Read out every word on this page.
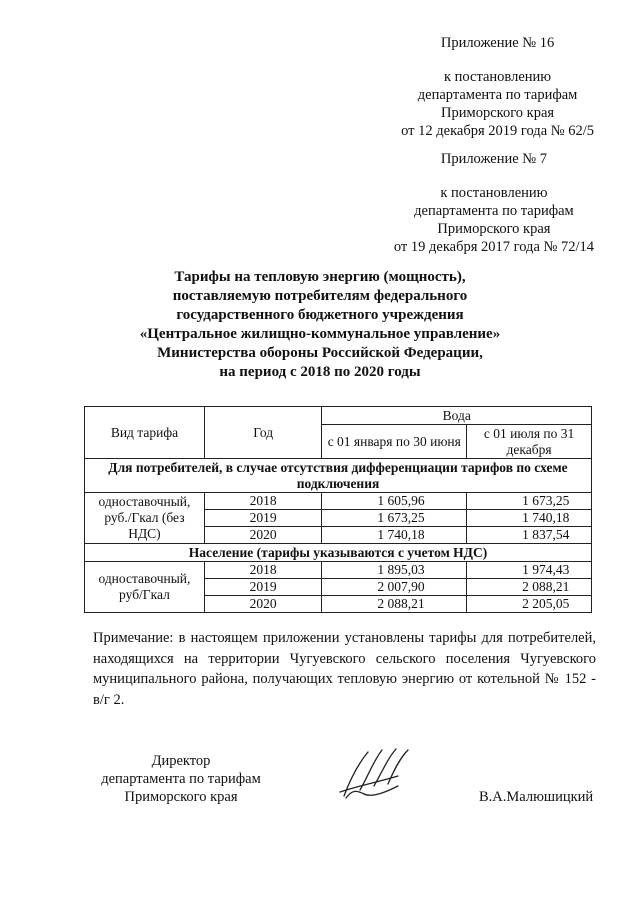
Приложение № 16
к постановлению
департамента по тарифам
Приморского края
от 12 декабря 2019 года № 62/5
Приложение № 7
к постановлению
департамента по тарифам
Приморского края
от 19 декабря 2017 года № 72/14
Тарифы на тепловую энергию (мощность),
поставляемую потребителям федерального
государственного бюджетного учреждения
«Центральное жилищно-коммунальное управление»
Министерства обороны Российской Федерации,
на период с 2018 по 2020 годы
Вид тарифа	Год	Вода	
		с 01 января по 30 июня	с 01 июля по 31 декабря
Для потребителей, в случае отсутствия дифференциации тарифов по схеме подключения			
одноставочный, руб./Гкал (без НДС)	2018	1 605,96	1 673,25
	2019	1 673,25	1 740,18
	2020	1 740,18	1 837,54
Население (тарифы указываются с учетом НДС)			
одноставочный, руб/Гкал	2018	1 895,03	1 974,43
	2019	2 007,90	2 088,21
	2020	2 088,21	2 205,05
Примечание: в настоящем приложении установлены тарифы для потребителей, находящихся на территории Чугуевского сельского поселения Чугуевского муниципального района, получающих тепловую энергию от котельной № 152 - в/г 2.
Директор
департамента по тарифам
Приморского края	В.А.Малюшицкий
